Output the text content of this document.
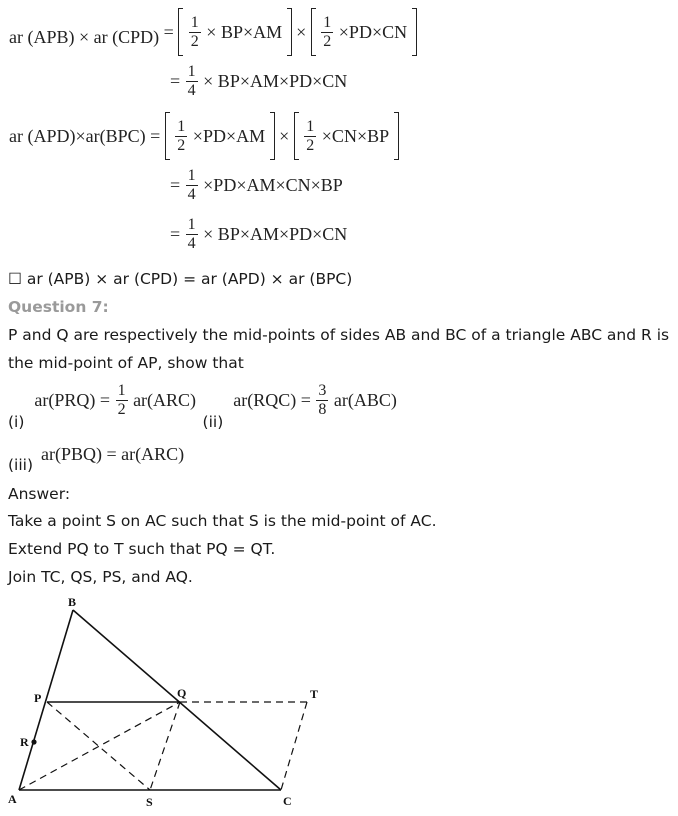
ar (APB) × ar $(CPD) = \frac{1}{2} \times BP\times AM \times \frac{1}{2} \times PD\times CN$
= $\frac{1}{4} \times BP\times AM\times PD\times CN$
ar $(APD)\times ar(BPC) = \frac{1}{2} \times PD\times AM \times \frac{1}{2} \times CN\times BP$
= $\frac{1}{4} \times PD\times AM\times CN\times BP$
= $\frac{1}{4} \times BP\times AM\times PD\times CN$
☐ ar (APB) × ar (CPD) = ar (APD) × ar (BPC)
Question 7:
P and Q are respectively the mid-points of sides AB and BC of a triangle ABC and R is
the mid-point of AP, show that
(i) $ar(PRQ) = \frac{1}{2} ar(ARC)$ (ii) $ar(RQC) = \frac{3}{8} ar(ABC)$
(iii) ar(PBQ) = ar(ARC)
Answer:
Take a point S on AC such that S is the mid-point of AC.
Extend PQ to T such that PQ = QT.
Join TC, QS, PS, and AQ.
B
P	Q	T
R
A	S	C
